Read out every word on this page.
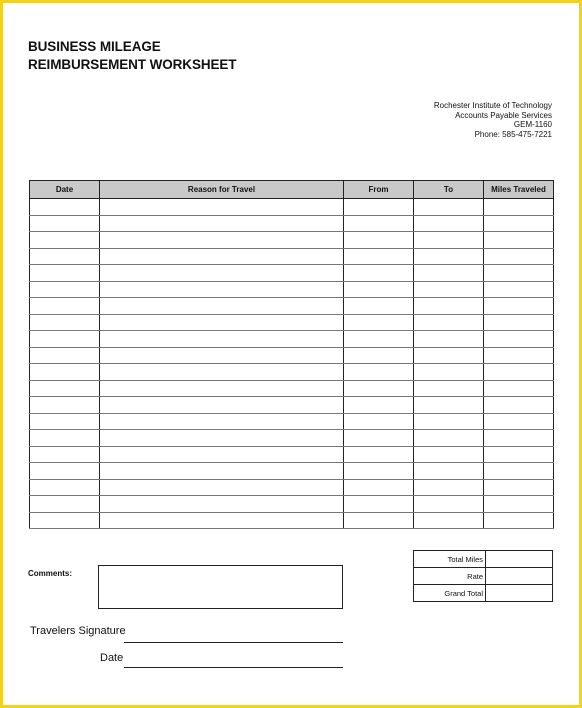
BUSINESS MILEAGE
REIMBURSEMENT WORKSHEET
Rochester Institute of Technology
Accounts Payable Services
GEM-1160
Phone: 585-475-7221
Date	Reason for Travel	From	To	Miles Traveled

Total Miles	
Rate	
Grand Total	
Comments:
Travelers Signature
Date
